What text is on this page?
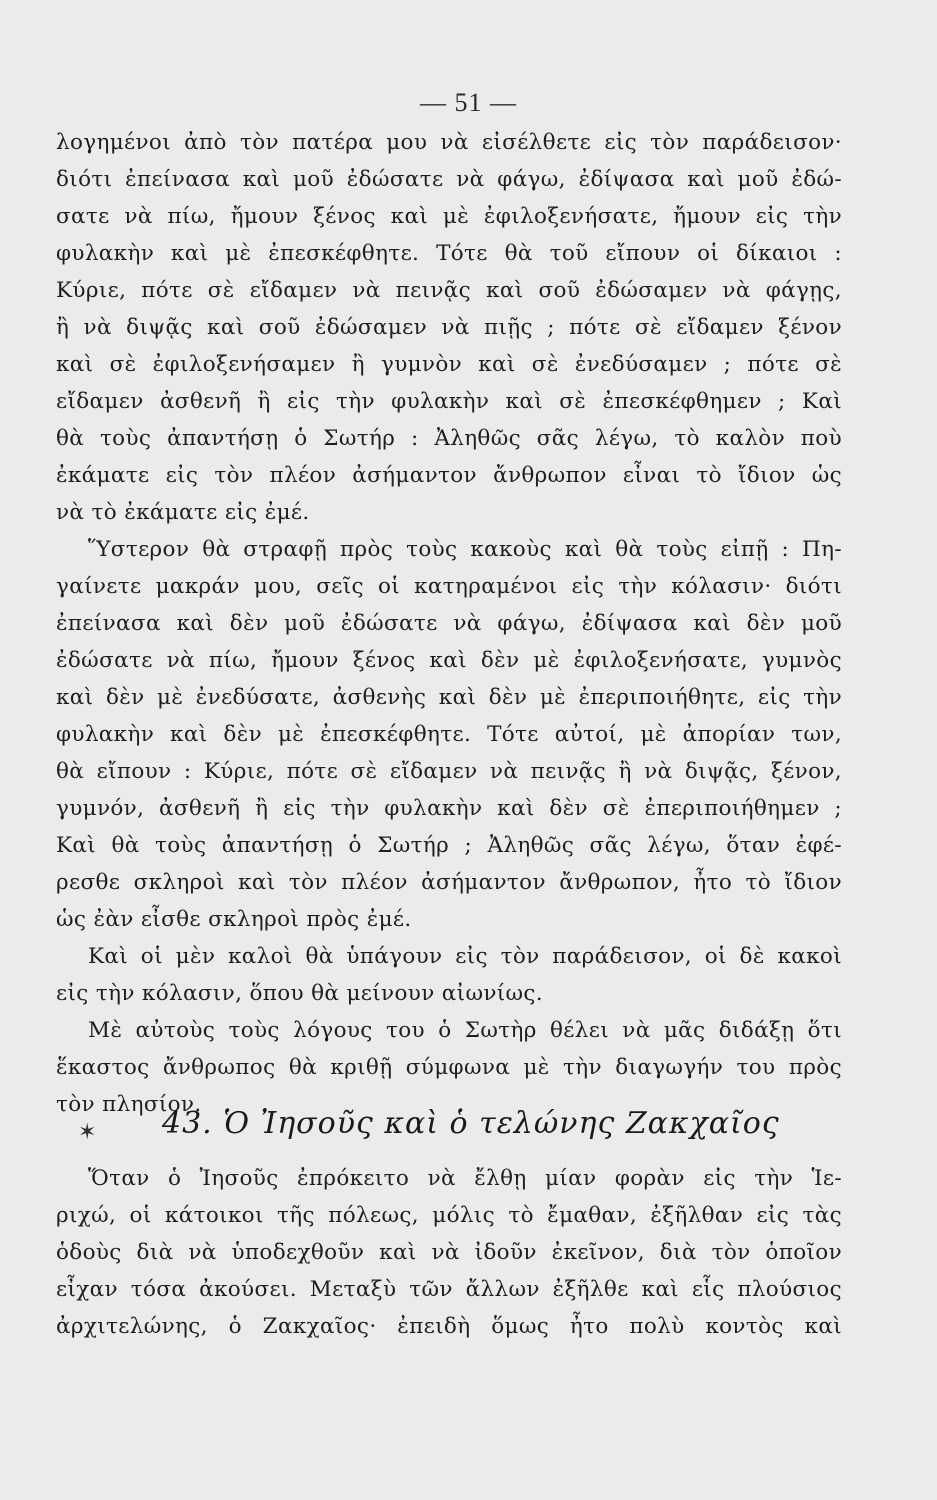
— 51 —
λογημένοι ἀπὸ τὸν πατέρα μου νὰ εἰσέλθετε εἰς τὸν παράδεισον·
διότι ἐπείνασα καὶ μοῦ ἐδώσατε νὰ φάγω, ἐδίψασα καὶ μοῦ ἐδώ-
σατε νὰ πίω, ἤμουν ξένος καὶ μὲ ἐφιλοξενήσατε, ἤμουν εἰς τὴν
φυλακὴν καὶ μὲ ἐπεσκέφθητε. Τότε θὰ τοῦ εἴπουν οἱ δίκαιοι :
Κύριε, πότε σὲ εἴδαμεν νὰ πεινᾷς καὶ σοῦ ἐδώσαμεν νὰ φάγῃς,
ἢ νὰ διψᾷς καὶ σοῦ ἐδώσαμεν νὰ πιῇς ; πότε σὲ εἴδαμεν ξένον
καὶ σὲ ἐφιλοξενήσαμεν ἢ γυμνὸν καὶ σὲ ἐνεδύσαμεν ; πότε σὲ
εἴδαμεν ἀσθενῆ ἢ εἰς τὴν φυλακὴν καὶ σὲ ἐπεσκέφθημεν ; Καὶ
θὰ τοὺς ἀπαντήσῃ ὁ Σωτήρ : Ἀληθῶς σᾶς λέγω, τὸ καλὸν ποὺ
ἐκάματε εἰς τὸν πλέον ἀσήμαντον ἄνθρωπον εἶναι τὸ ἴδιον ὡς
νὰ τὸ ἐκάματε εἰς ἐμέ.
Ὕστερον θὰ στραφῇ πρὸς τοὺς κακοὺς καὶ θὰ τοὺς εἰπῇ : Πη-
γαίνετε μακράν μου, σεῖς οἱ κατηραμένοι εἰς τὴν κόλασιν· διότι
ἐπείνασα καὶ δὲν μοῦ ἐδώσατε νὰ φάγω, ἐδίψασα καὶ δὲν μοῦ
ἐδώσατε νὰ πίω, ἤμουν ξένος καὶ δὲν μὲ ἐφιλοξενήσατε, γυμνὸς
καὶ δὲν μὲ ἐνεδύσατε, ἀσθενὴς καὶ δὲν μὲ ἐπεριποιήθητε, εἰς τὴν
φυλακὴν καὶ δὲν μὲ ἐπεσκέφθητε. Τότε αὐτοί, μὲ ἀπορίαν των,
θὰ εἴπουν : Κύριε, πότε σὲ εἴδαμεν νὰ πεινᾷς ἢ νὰ διψᾷς, ξένον,
γυμνόν, ἀσθενῆ ἢ εἰς τὴν φυλακὴν καὶ δὲν σὲ ἐπεριποιήθημεν ;
Καὶ θὰ τοὺς ἀπαντήσῃ ὁ Σωτήρ ; Ἀληθῶς σᾶς λέγω, ὅταν ἐφέ-
ρεσθε σκληροὶ καὶ τὸν πλέον ἀσήμαντον ἄνθρωπον, ἦτο τὸ ἴδιον
ὡς ἐὰν εἶσθε σκληροὶ πρὸς ἐμέ.
Καὶ οἱ μὲν καλοὶ θὰ ὑπάγουν εἰς τὸν παράδεισον, οἱ δὲ κακοὶ
εἰς τὴν κόλασιν, ὅπου θὰ μείνουν αἰωνίως.
Μὲ αὐτοὺς τοὺς λόγους του ὁ Σωτὴρ θέλει νὰ μᾶς διδάξῃ ὅτι
ἕκαστος ἄνθρωπος θὰ κριθῇ σύμφωνα μὲ τὴν διαγωγήν του πρὸς
τὸν πλησίον.
✶ 43. Ὁ Ἰησοῦς καὶ ὁ τελώνης Ζακχαῖος
Ὅταν ὁ Ἰησοῦς ἐπρόκειτο νὰ ἔλθῃ μίαν φορὰν εἰς τὴν Ἱε-
ριχώ, οἱ κάτοικοι τῆς πόλεως, μόλις τὸ ἔμαθαν, ἐξῆλθαν εἰς τὰς
ὁδοὺς διὰ νὰ ὑποδεχθοῦν καὶ νὰ ἰδοῦν ἐκεῖνον, διὰ τὸν ὁποῖον
εἶχαν τόσα ἀκούσει. Μεταξὺ τῶν ἄλλων ἐξῆλθε καὶ εἷς πλούσιος
ἀρχιτελώνης, ὁ Ζακχαῖος· ἐπειδὴ ὅμως ἦτο πολὺ κοντὸς καὶ
